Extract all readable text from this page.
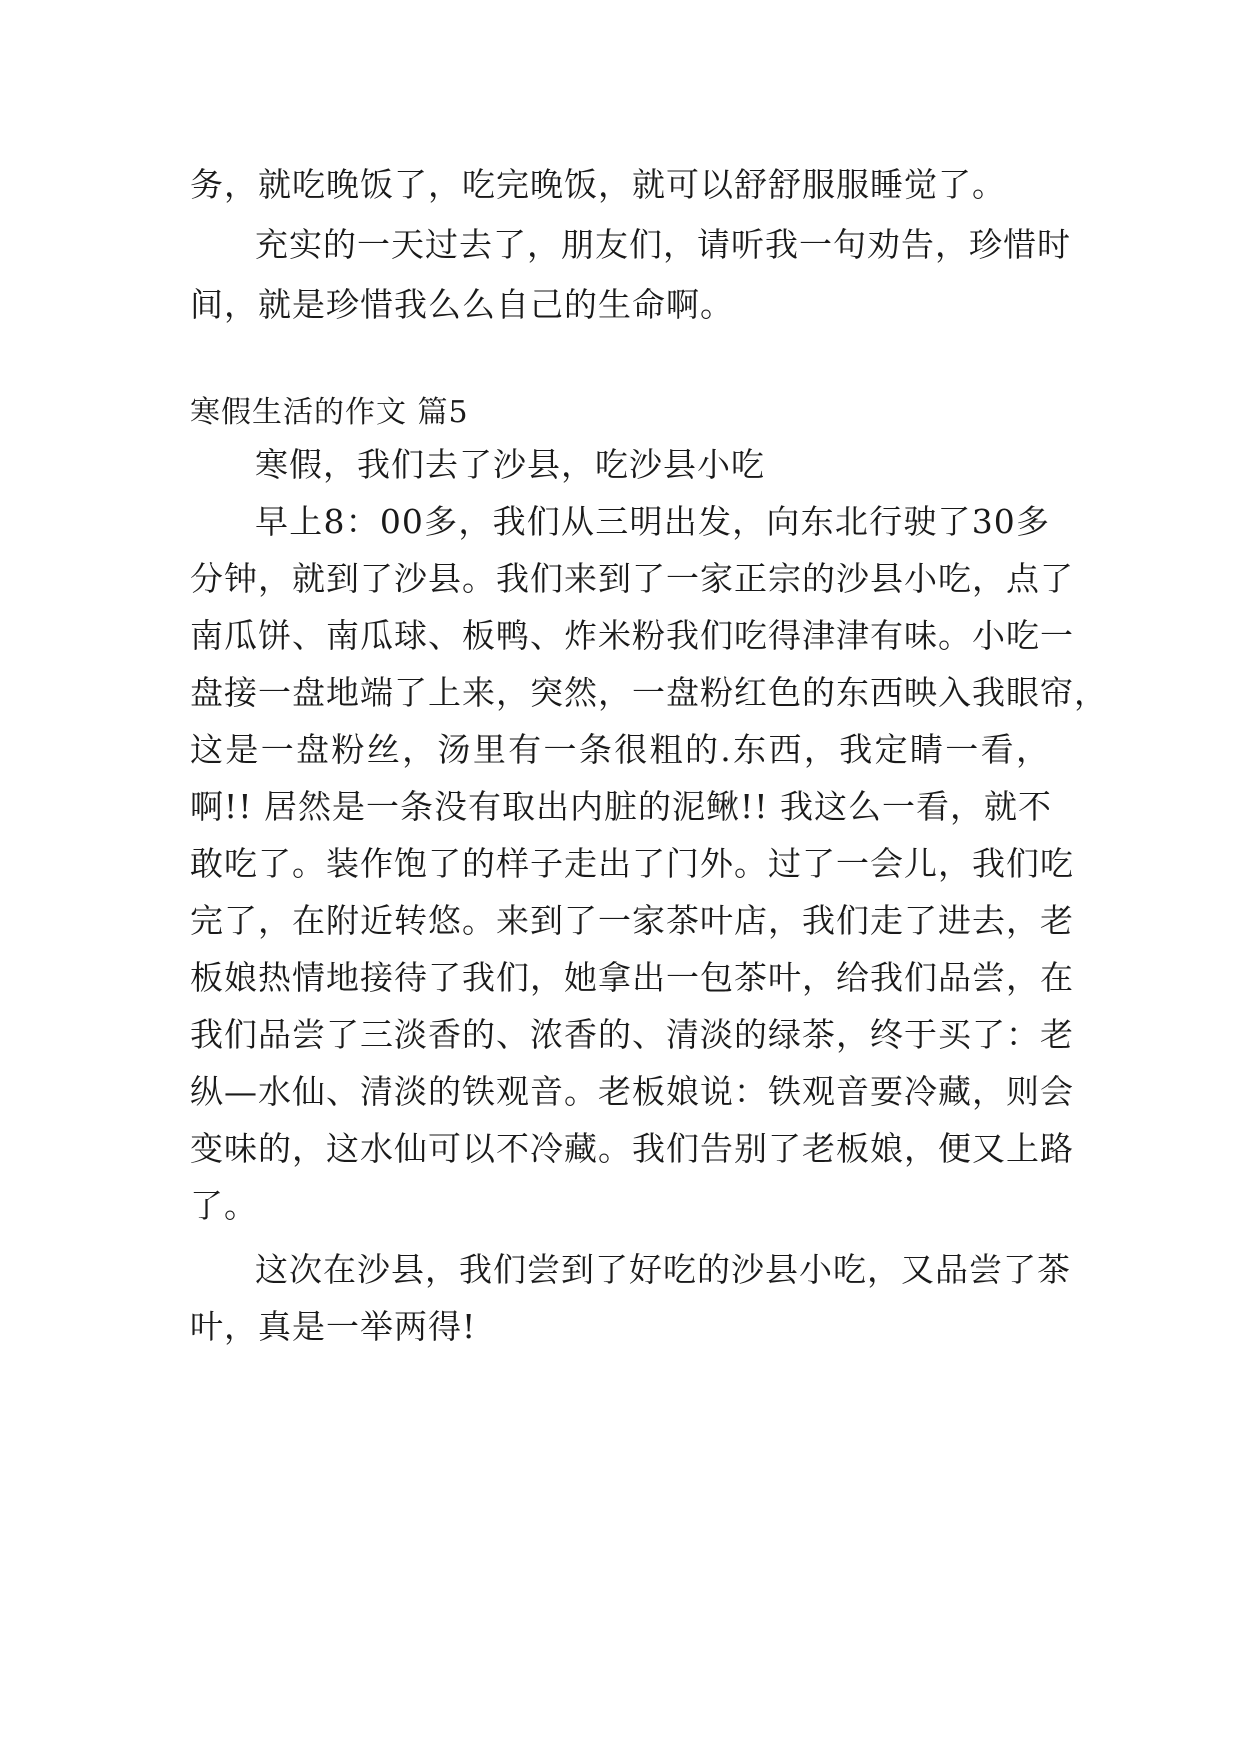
务，就吃晚饭了，吃完晚饭，就可以舒舒服服睡觉了。
充实的一天过去了，朋友们，请听我一句劝告，珍惜时
间，就是珍惜我么么自己的生命啊。
寒假生活的作文 篇5
寒假，我们去了沙县，吃沙县小吃
早上8：00多，我们从三明出发，向东北行驶了30多
分钟，就到了沙县。我们来到了一家正宗的沙县小吃，点了
南瓜饼、南瓜球、板鸭、炸米粉我们吃得津津有味。小吃一
盘接一盘地端了上来，突然，一盘粉红色的东西映入我眼帘，
这是一盘粉丝，汤里有一条很粗的.东西，我定睛一看，
啊!! 居然是一条没有取出内脏的泥鳅!! 我这么一看，就不
敢吃了。装作饱了的样子走出了门外。过了一会儿，我们吃
完了，在附近转悠。来到了一家茶叶店，我们走了进去，老
板娘热情地接待了我们，她拿出一包茶叶，给我们品尝，在
我们品尝了三淡香的、浓香的、清淡的绿茶，终于买了：老
纵—水仙、清淡的铁观音。老板娘说：铁观音要冷藏，则会
变味的，这水仙可以不冷藏。我们告别了老板娘，便又上路
了。
这次在沙县，我们尝到了好吃的沙县小吃，又品尝了茶
叶，真是一举两得!
